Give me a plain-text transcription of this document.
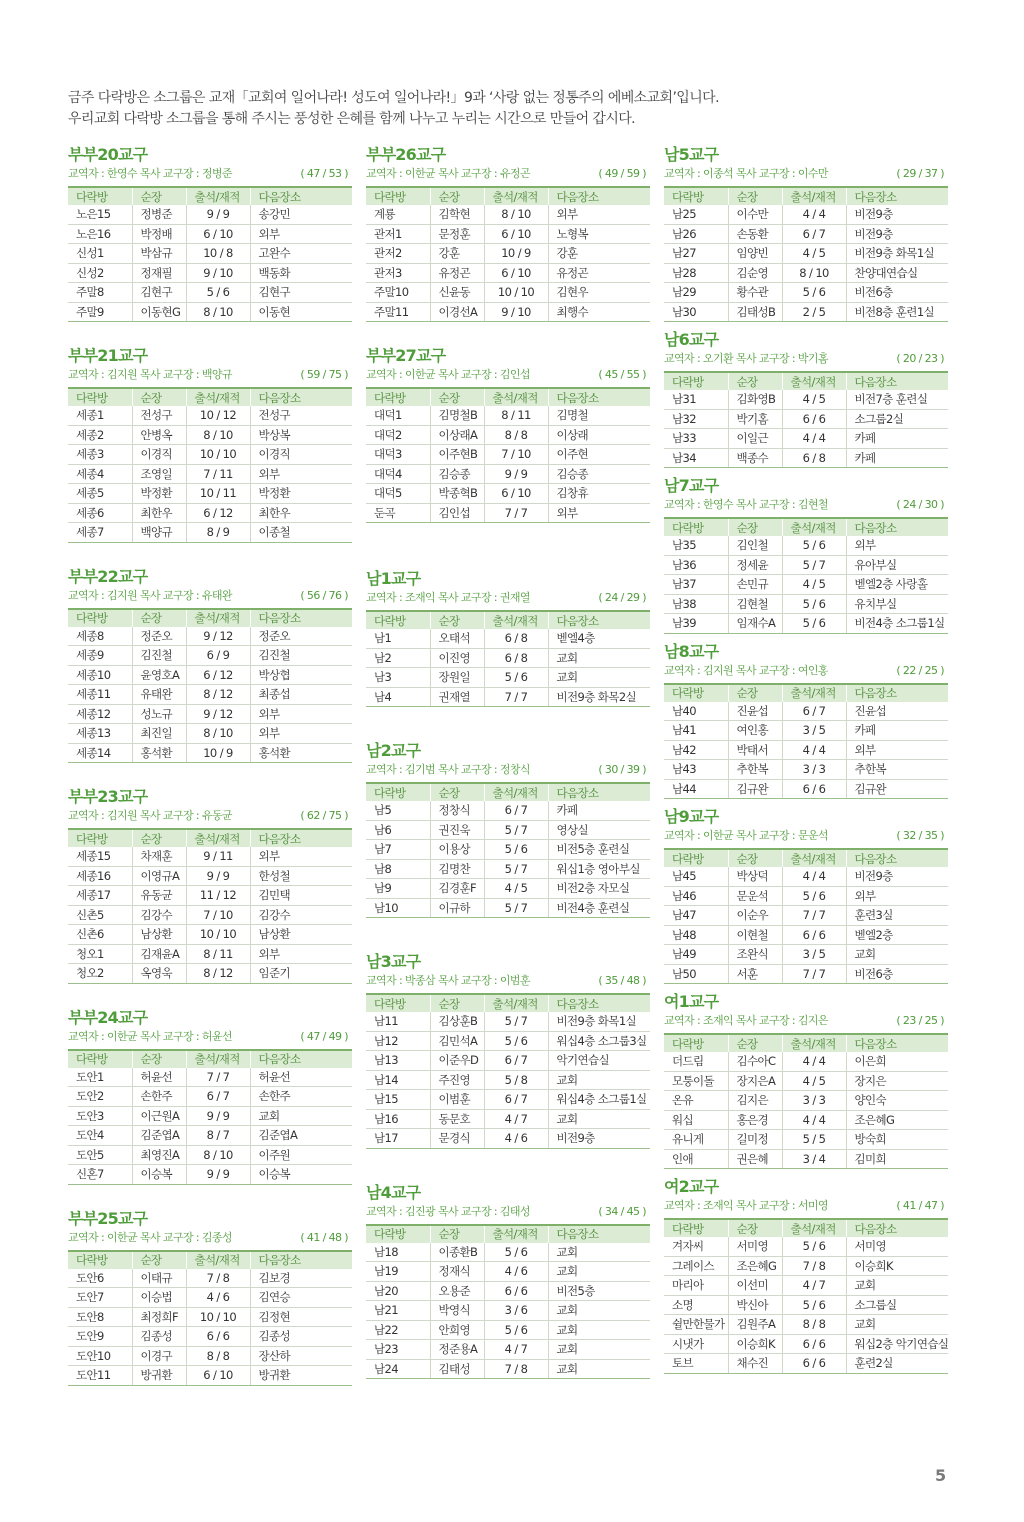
금주 다락방은 소그룹은 교재「교회여 일어나라! 성도여 일어나라!」9과 ‘사랑 없는 정통주의 에베소교회’입니다.
우리교회 다락방 소그룹을 통해 주시는 풍성한 은혜를 함께 나누고 누리는 시간으로 만들어 갑시다.
부부20교구
교역자 : 한영수 목사 교구장 : 정병준	( 47 / 53 )
다락방	순장	출석/재적	다음장소
노은15	정병준	9 / 9	송강민
노은16	박정배	6 / 10	외부
신성1	박삼규	10 / 8	고완수
신성2	정재필	9 / 10	백동화
주말8	김현구	5 / 6	김현구
주말9	이동현G	8 / 10	이동현
부부21교구
교역자 : 김지원 목사 교구장 : 백양규	( 59 / 75 )
다락방	순장	출석/재적	다음장소
세종1	전성구	10 / 12	전성구
세종2	안병옥	8 / 10	박상복
세종3	이경직	10 / 10	이경직
세종4	조영일	7 / 11	외부
세종5	박정환	10 / 11	박정환
세종6	최한우	6 / 12	최한우
세종7	백양규	8 / 9	이종철
부부22교구
교역자 : 김지원 목사 교구장 : 유태완	( 56 / 76 )
다락방	순장	출석/재적	다음장소
세종8	정준오	9 / 12	정준오
세종9	김진철	6 / 9	김진철
세종10	윤영호A	6 / 12	박상협
세종11	유태완	8 / 12	최종섭
세종12	성노규	9 / 12	외부
세종13	최진일	8 / 10	외부
세종14	홍석환	10 / 9	홍석환
부부23교구
교역자 : 김지원 목사 교구장 : 유동균	( 62 / 75 )
다락방	순장	출석/재적	다음장소
세종15	차재훈	9 / 11	외부
세종16	이영규A	9 / 9	한성철
세종17	유동균	11 / 12	김민택
신촌5	김강수	7 / 10	김강수
신촌6	남상환	10 / 10	남상환
청오1	김재윤A	8 / 11	외부
청오2	옥영욱	8 / 12	임준기
부부24교구
교역자 : 이한균 목사 교구장 : 허윤선	( 47 / 49 )
다락방	순장	출석/재적	다음장소
도안1	허윤선	7 / 7	허윤선
도안2	손한주	6 / 7	손한주
도안3	이근원A	9 / 9	교회
도안4	김준엽A	8 / 7	김준엽A
도안5	최영진A	8 / 10	이주원
신혼7	이승복	9 / 9	이승복
부부25교구
교역자 : 이한균 목사 교구장 : 김종성	( 41 / 48 )
다락방	순장	출석/재적	다음장소
도안6	이태규	7 / 8	김보경
도안7	이승법	4 / 6	김연승
도안8	최정희F	10 / 10	김정현
도안9	김종성	6 / 6	김종성
도안10	이경구	8 / 8	장산하
도안11	방귀환	6 / 10	방귀환
부부26교구
교역자 : 이한균 목사 교구장 : 유정곤	( 49 / 59 )
다락방	순장	출석/재적	다음장소
계룡	김학현	8 / 10	외부
관저1	문정훈	6 / 10	노형복
관저2	강훈	10 / 9	강훈
관저3	유정곤	6 / 10	유정곤
주말10	신윤동	10 / 10	김현우
주말11	이경선A	9 / 10	최행수
부부27교구
교역자 : 이한균 목사 교구장 : 김인섭	( 45 / 55 )
다락방	순장	출석/재적	다음장소
대덕1	김명철B	8 / 11	김명철
대덕2	이상래A	8 / 8	이상래
대덕3	이주현B	7 / 10	이주현
대덕4	김승종	9 / 9	김승종
대덕5	박종혁B	6 / 10	김창휴
둔곡	김인섭	7 / 7	외부
남1교구
교역자 : 조재익 목사 교구장 : 권재열	( 24 / 29 )
다락방	순장	출석/재적	다음장소
남1	오태석	6 / 8	벧엘4층
남2	이진영	6 / 8	교회
남3	장원일	5 / 6	교회
남4	권재열	7 / 7	비전9층 화목2실
남2교구
교역자 : 김기범 목사 교구장 : 정창식	( 30 / 39 )
다락방	순장	출석/재적	다음장소
남5	정창식	6 / 7	카페
남6	권진욱	5 / 7	영상실
남7	이용상	5 / 6	비전5층 훈련실
남8	김명찬	5 / 7	워십1층 영아부실
남9	김경훈F	4 / 5	비전2층 자모실
남10	이규하	5 / 7	비전4층 훈련실
남3교구
교역자 : 박종삼 목사 교구장 : 이범훈	( 35 / 48 )
다락방	순장	출석/재적	다음장소
남11	김상훈B	5 / 7	비전9층 화목1실
남12	김민석A	5 / 6	워십4층 소그룹3실
남13	이준우D	6 / 7	악기연습실
남14	주진영	5 / 8	교회
남15	이범훈	6 / 7	워십4층 소그룹1실
남16	동문호	4 / 7	교회
남17	문경식	4 / 6	비전9층
남4교구
교역자 : 김진광 목사 교구장 : 김태성	( 34 / 45 )
다락방	순장	출석/재적	다음장소
남18	이종환B	5 / 6	교회
남19	정재식	4 / 6	교회
남20	오용준	6 / 6	비전5층
남21	박영식	3 / 6	교회
남22	안희영	5 / 6	교회
남23	정준용A	4 / 7	교회
남24	김태성	7 / 8	교회
남5교구
교역자 : 이종석 목사 교구장 : 이수만	( 29 / 37 )
다락방	순장	출석/재적	다음장소
남25	이수만	4 / 4	비전9층
남26	손동환	6 / 7	비전9층
남27	임양빈	4 / 5	비전9층 화목1실
남28	김순영	8 / 10	찬양대연습실
남29	황수관	5 / 6	비전6층
남30	김태성B	2 / 5	비전8층 훈련1실
남6교구
교역자 : 오기환 목사 교구장 : 박기홈	( 20 / 23 )
다락방	순장	출석/재적	다음장소
남31	김화영B	4 / 5	비전7층 훈련실
남32	박기홈	6 / 6	소그룹2실
남33	이일근	4 / 4	카페
남34	백종수	6 / 8	카페
남7교구
교역자 : 한영수 목사 교구장 : 김현철	( 24 / 30 )
다락방	순장	출석/재적	다음장소
남35	김인철	5 / 6	외부
남36	정세윤	5 / 7	유아부실
남37	손민규	4 / 5	벧엘2층 사랑홀
남38	김현철	5 / 6	유치부실
남39	임재수A	5 / 6	비전4층 소그룹1실
남8교구
교역자 : 김지원 목사 교구장 : 여인홍	( 22 / 25 )
다락방	순장	출석/재적	다음장소
남40	진윤섭	6 / 7	진윤섭
남41	여인홍	3 / 5	카페
남42	박태서	4 / 4	외부
남43	추한복	3 / 3	추한복
남44	김규완	6 / 6	김규완
남9교구
교역자 : 이한균 목사 교구장 : 문운석	( 32 / 35 )
다락방	순장	출석/재적	다음장소
남45	박상덕	4 / 4	비전9층
남46	문운석	5 / 6	외부
남47	이순우	7 / 7	훈련3실
남48	이현철	6 / 6	벧엘2층
남49	조완식	3 / 5	교회
남50	서훈	7 / 7	비전6층
여1교구
교역자 : 조재익 목사 교구장 : 김지은	( 23 / 25 )
다락방	순장	출석/재적	다음장소
더드림	김수아C	4 / 4	이은희
모퉁이돌	장지은A	4 / 5	장지은
온유	김지은	3 / 3	양인숙
워십	홍은경	4 / 4	조은혜G
유니게	길미정	5 / 5	방숙희
인애	권은혜	3 / 4	김미희
여2교구
교역자 : 조재익 목사 교구장 : 서미영	( 41 / 47 )
다락방	순장	출석/재적	다음장소
겨자씨	서미영	5 / 6	서미영
그레이스	조은혜G	7 / 8	이승희K
마리아	이선미	4 / 7	교회
소명	박신아	5 / 6	소그룹실
쉴만한물가	김원주A	8 / 8	교회
시냇가	이승희K	6 / 6	워십2층 악기연습실
토브	채수진	6 / 6	훈련2실
5
